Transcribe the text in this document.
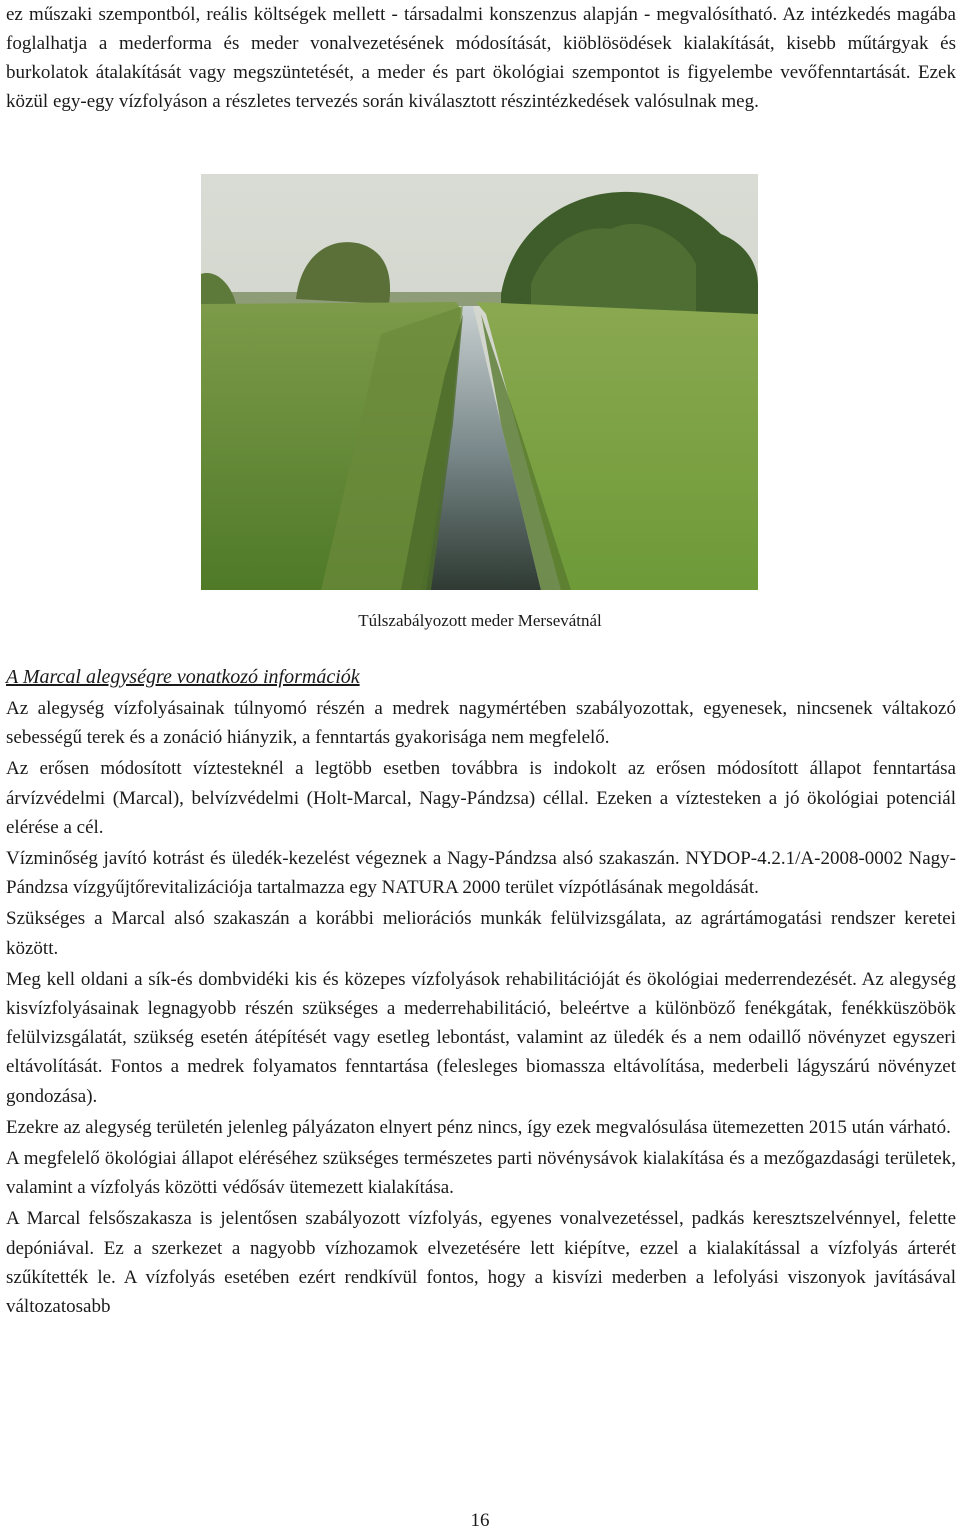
ez műszaki szempontból, reális költségek mellett - társadalmi konszenzus alapján - megvalósítható. Az intézkedés magába foglalhatja a mederforma és meder vonalvezetésének módosítását, kiöblösödések kialakítását, kisebb műtárgyak és burkolatok átalakítását vagy megszüntetését, a meder és part ökológiai szempontot is figyelembe vevőfenntartását. Ezek közül egy-egy vízfolyáson a részletes tervezés során kiválasztott részintézkedések valósulnak meg.

Túlszabályozott meder Mersevátnál
A Marcal alegységre vonatkozó információk

Az alegység vízfolyásainak túlnyomó részén a medrek nagymértében szabályozottak, egyenesek, nincsenek váltakozó sebességű terek és a zonáció hiányzik, a fenntartás gyakorisága nem megfelelő.

Az erősen módosított víztesteknél a legtöbb esetben továbbra is indokolt az erősen módosított állapot fenntartása árvízvédelmi (Marcal), belvízvédelmi (Holt-Marcal, Nagy-Pándzsa) céllal. Ezeken a víztesteken a jó ökológiai potenciál elérése a cél.

Vízminőség javító kotrást és üledék-kezelést végeznek a Nagy-Pándzsa alsó szakaszán. NYDOP-4.2.1/A-2008-0002 Nagy-Pándzsa vízgyűjtőrevitalizációja tartalmazza egy NATURA 2000 terület vízpótlásának megoldását.

Szükséges a Marcal alsó szakaszán a korábbi meliorációs munkák felülvizsgálata, az agrártámogatási rendszer keretei között.

Meg kell oldani a sík-és dombvidéki kis és közepes vízfolyások rehabilitációját és ökológiai mederrendezését. Az alegység kisvízfolyásainak legnagyobb részén szükséges a mederrehabilitáció, beleértve a különböző fenékgátak, fenékküszöbök felülvizsgálatát, szükség esetén átépítését vagy esetleg lebontást, valamint az üledék és a nem odaillő növényzet egyszeri eltávolítását. Fontos a medrek folyamatos fenntartása (felesleges biomassza eltávolítása, mederbeli lágyszárú növényzet gondozása).

Ezekre az alegység területén jelenleg pályázaton elnyert pénz nincs, így ezek megvalósulása ütemezetten 2015 után várható.

A megfelelő ökológiai állapot eléréséhez szükséges természetes parti növénysávok kialakítása és a mezőgazdasági területek, valamint a vízfolyás közötti védősáv ütemezett kialakítása.

A Marcal felsőszakasza is jelentősen szabályozott vízfolyás, egyenes vonalvezetéssel, padkás keresztszelvénnyel, felette depóniával. Ez a szerkezet a nagyobb vízhozamok elvezetésére lett kiépítve, ezzel a kialakítással a vízfolyás árterét szűkítették le. A vízfolyás esetében ezért rendkívül fontos, hogy a kisvízi mederben a lefolyási viszonyok javításával változatosabb

16
